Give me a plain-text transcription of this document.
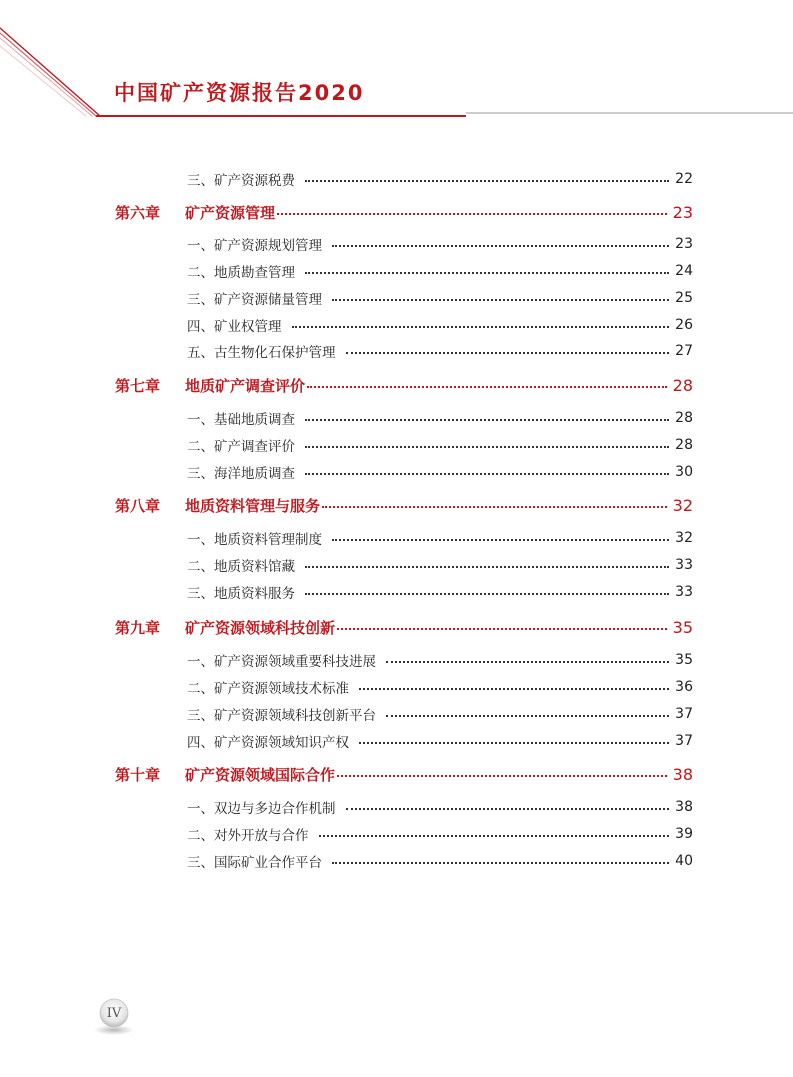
中国矿产资源报告2020
三、矿产资源税费	22
第六章 矿产资源管理	23
一、矿产资源规划管理	23
二、地质勘查管理	24
三、矿产资源储量管理	25
四、矿业权管理	26
五、古生物化石保护管理	27
第七章 地质矿产调查评价	28
一、基础地质调查	28
二、矿产调查评价	28
三、海洋地质调查	30
第八章 地质资料管理与服务	32
一、地质资料管理制度	32
二、地质资料馆藏	33
三、地质资料服务	33
第九章 矿产资源领域科技创新	35
一、矿产资源领域重要科技进展	35
二、矿产资源领域技术标准	36
三、矿产资源领域科技创新平台	37
四、矿产资源领域知识产权	37
第十章 矿产资源领域国际合作	38
一、双边与多边合作机制	38
二、对外开放与合作	39
三、国际矿业合作平台	40
IV
